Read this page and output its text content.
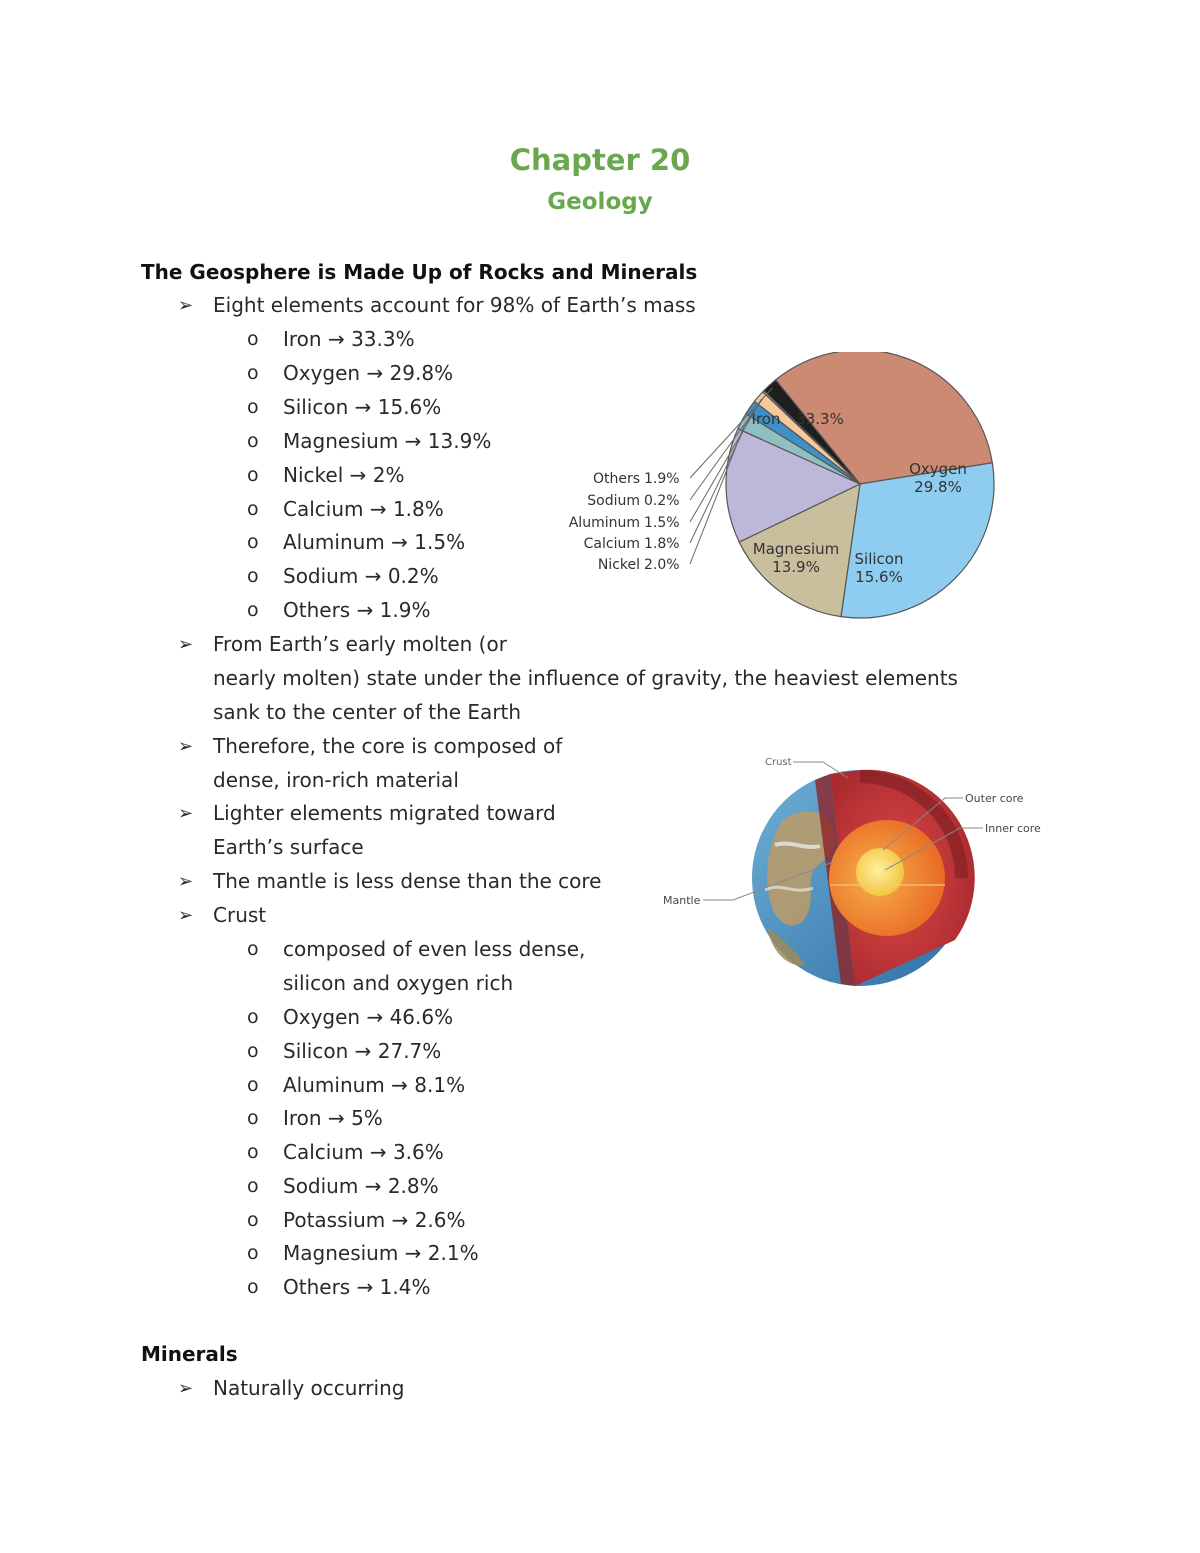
Chapter 20
Geology
The Geosphere is Made Up of Rocks and Minerals
➢ Eight elements account for 98% of Earth’s mass
o Iron → 33.3%
o Oxygen → 29.8%
o Silicon → 15.6%
o Magnesium → 13.9%
o Nickel → 2%
o Calcium → 1.8%
o Aluminum → 1.5%
o Sodium → 0.2%
o Others → 1.9%
➢ From Earth’s early molten (or
nearly molten) state under the influence of gravity, the heaviest elements
sank to the center of the Earth
➢ Therefore, the core is composed of
dense, iron-rich material
➢ Lighter elements migrated toward
Earth’s surface
➢ The mantle is less dense than the core
➢ Crust
o composed of even less dense,
silicon and oxygen rich
o Oxygen → 46.6%
o Silicon → 27.7%
o Aluminum → 8.1%
o Iron → 5%
o Calcium → 3.6%
o Sodium → 2.8%
o Potassium → 2.6%
o Magnesium → 2.1%
o Others → 1.4%
Minerals
➢ Naturally occurring
Iron 33.3%
Oxygen
29.8%
Silicon
15.6%
Magnesium
13.9%
Others 1.9%
Sodium 0.2%
Aluminum 1.5%
Calcium 1.8%
Nickel 2.0%
Crust
Outer core
Inner core
Mantle
